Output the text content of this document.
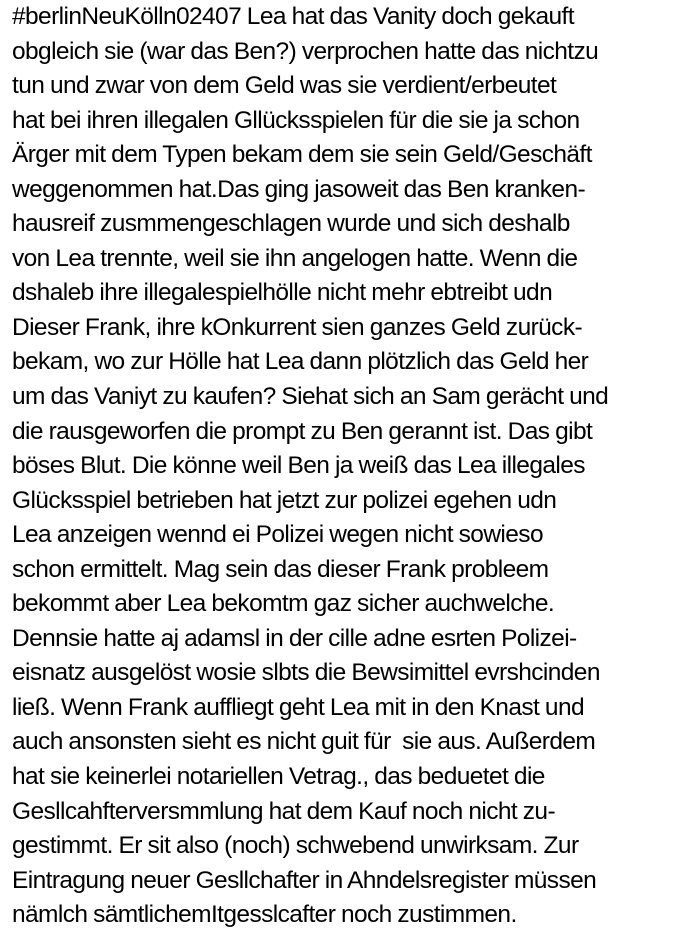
#berlinNeuKölln02407 Lea hat das Vanity doch gekauft
obgleich sie (war das Ben?) verprochen hatte das nichtzu
tun und zwar von dem Geld was sie verdient/erbeutet
hat bei ihren illegalen Gllücksspielen für die sie ja schon
Ärger mit dem Typen bekam dem sie sein Geld/Geschäft
weggenommen hat.Das ging jasoweit das Ben kranken-
hausreif zusmmengeschlagen wurde und sich deshalb
von Lea trennte, weil sie ihn angelogen hatte. Wenn die
dshaleb ihre illegalespielhölle nicht mehr ebtreibt udn
Dieser Frank, ihre kOnkurrent sien ganzes Geld zurück-
bekam, wo zur Hölle hat Lea dann plötzlich das Geld her
um das Vaniyt zu kaufen? Siehat sich an Sam gerächt und
die rausgeworfen die prompt zu Ben gerannt ist. Das gibt
böses Blut. Die könne weil Ben ja weiß das Lea illegales
Glücksspiel betrieben hat jetzt zur polizei egehen udn
Lea anzeigen wennd ei Polizei wegen nicht sowieso
schon ermittelt. Mag sein das dieser Frank probleem
bekommt aber Lea bekomtm gaz sicher auchwelche.
Dennsie hatte aj adamsl in der cille adne esrten Polizei-
eisnatz ausgelöst wosie slbts die Bewsimittel evrshcinden
ließ. Wenn Frank auffliegt geht Lea mit in den Knast und
auch ansonsten sieht es nicht guit für  sie aus. Außerdem
hat sie keinerlei notariellen Vetrag., das beduetet die
Gesllcahfterversmmlung hat dem Kauf noch nicht zu-
gestimmt. Er sit also (noch) schwebend unwirksam. Zur
Eintragung neuer Gesllchafter in Ahndelsregister müssen
nämlch sämtlichemItgesslcafter noch zustimmen.
